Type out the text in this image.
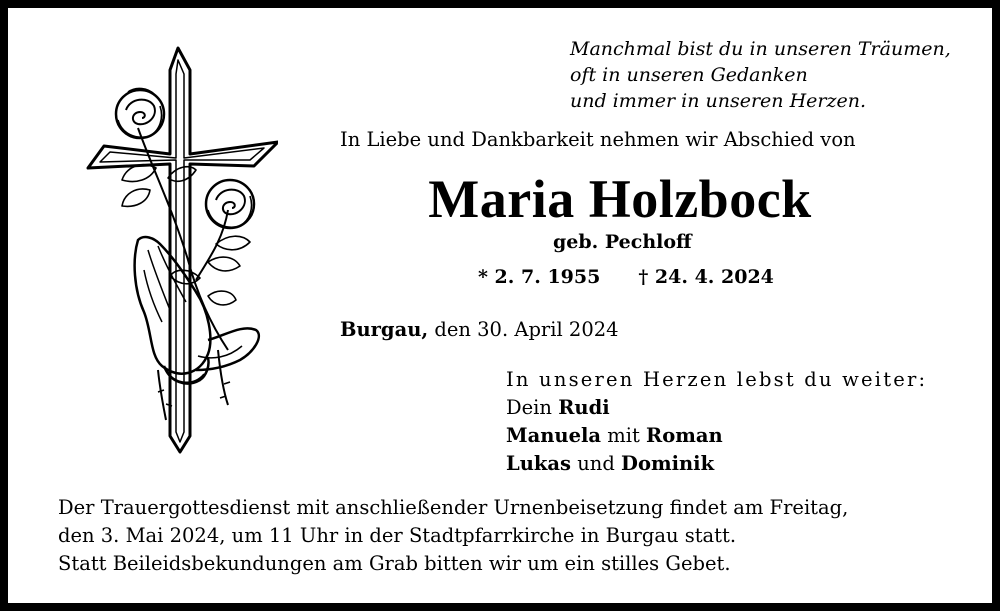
Manchmal bist du in unseren Träumen,
oft in unseren Gedanken
und immer in unseren Herzen.
In Liebe und Dankbarkeit nehmen wir Abschied von
Maria Holzbock
geb. Pechloff
* 2. 7. 1955 † 24. 4. 2024
Burgau, den 30. April 2024
In unseren Herzen lebst du weiter:
Dein Rudi
Manuela mit Roman
Lukas und Dominik
Der Trauergottesdienst mit anschließender Urnenbeisetzung findet am Freitag,
den 3. Mai 2024, um 11 Uhr in der Stadtpfarrkirche in Burgau statt.
Statt Beileidsbekundungen am Grab bitten wir um ein stilles Gebet.
